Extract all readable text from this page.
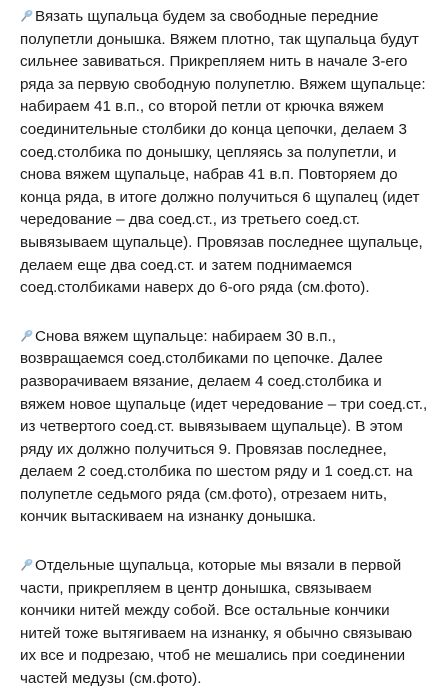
Вязать щупальца будем за свободные передние полупетли донышка. Вяжем плотно, так щупальца будут сильнее завиваться. Прикрепляем нить в начале 3-его ряда за первую свободную полупетлю. Вяжем щупальце: набираем 41 в.п., со второй петли от крючка вяжем соединительные столбики до конца цепочки, делаем 3 соед.столбика по донышку, цепляясь за полупетли, и снова вяжем щупальце, набрав 41 в.п. Повторяем до конца ряда, в итоге должно получиться 6 щупалец (идет чередование – два соед.ст., из третьего соед.ст. вывязываем щупальце). Провязав последнее щупальце, делаем еще два соед.ст. и затем поднимаемся соед.столбиками наверх до 6-ого ряда (см.фото).

Снова вяжем щупальце: набираем 30 в.п., возвращаемся соед.столбиками по цепочке. Далее разворачиваем вязание, делаем 4 соед.столбика и вяжем новое щупальце (идет чередование – три соед.ст., из четвертого соед.ст. вывязываем щупальце). В этом ряду их должно получиться 9. Провязав последнее, делаем 2 соед.столбика по шестом ряду и 1 соед.ст. на полупетле седьмого ряда (см.фото), отрезаем нить, кончик вытаскиваем на изнанку донышка.

Отдельные щупальца, которые мы вязали в первой части, прикрепляем в центр донышка, связываем кончики нитей между собой. Все остальные кончики нитей тоже вытягиваем на изнанку, я обычно связываю их все и подрезаю, чтоб не мешались при соединении частей медузы (см.фото).
